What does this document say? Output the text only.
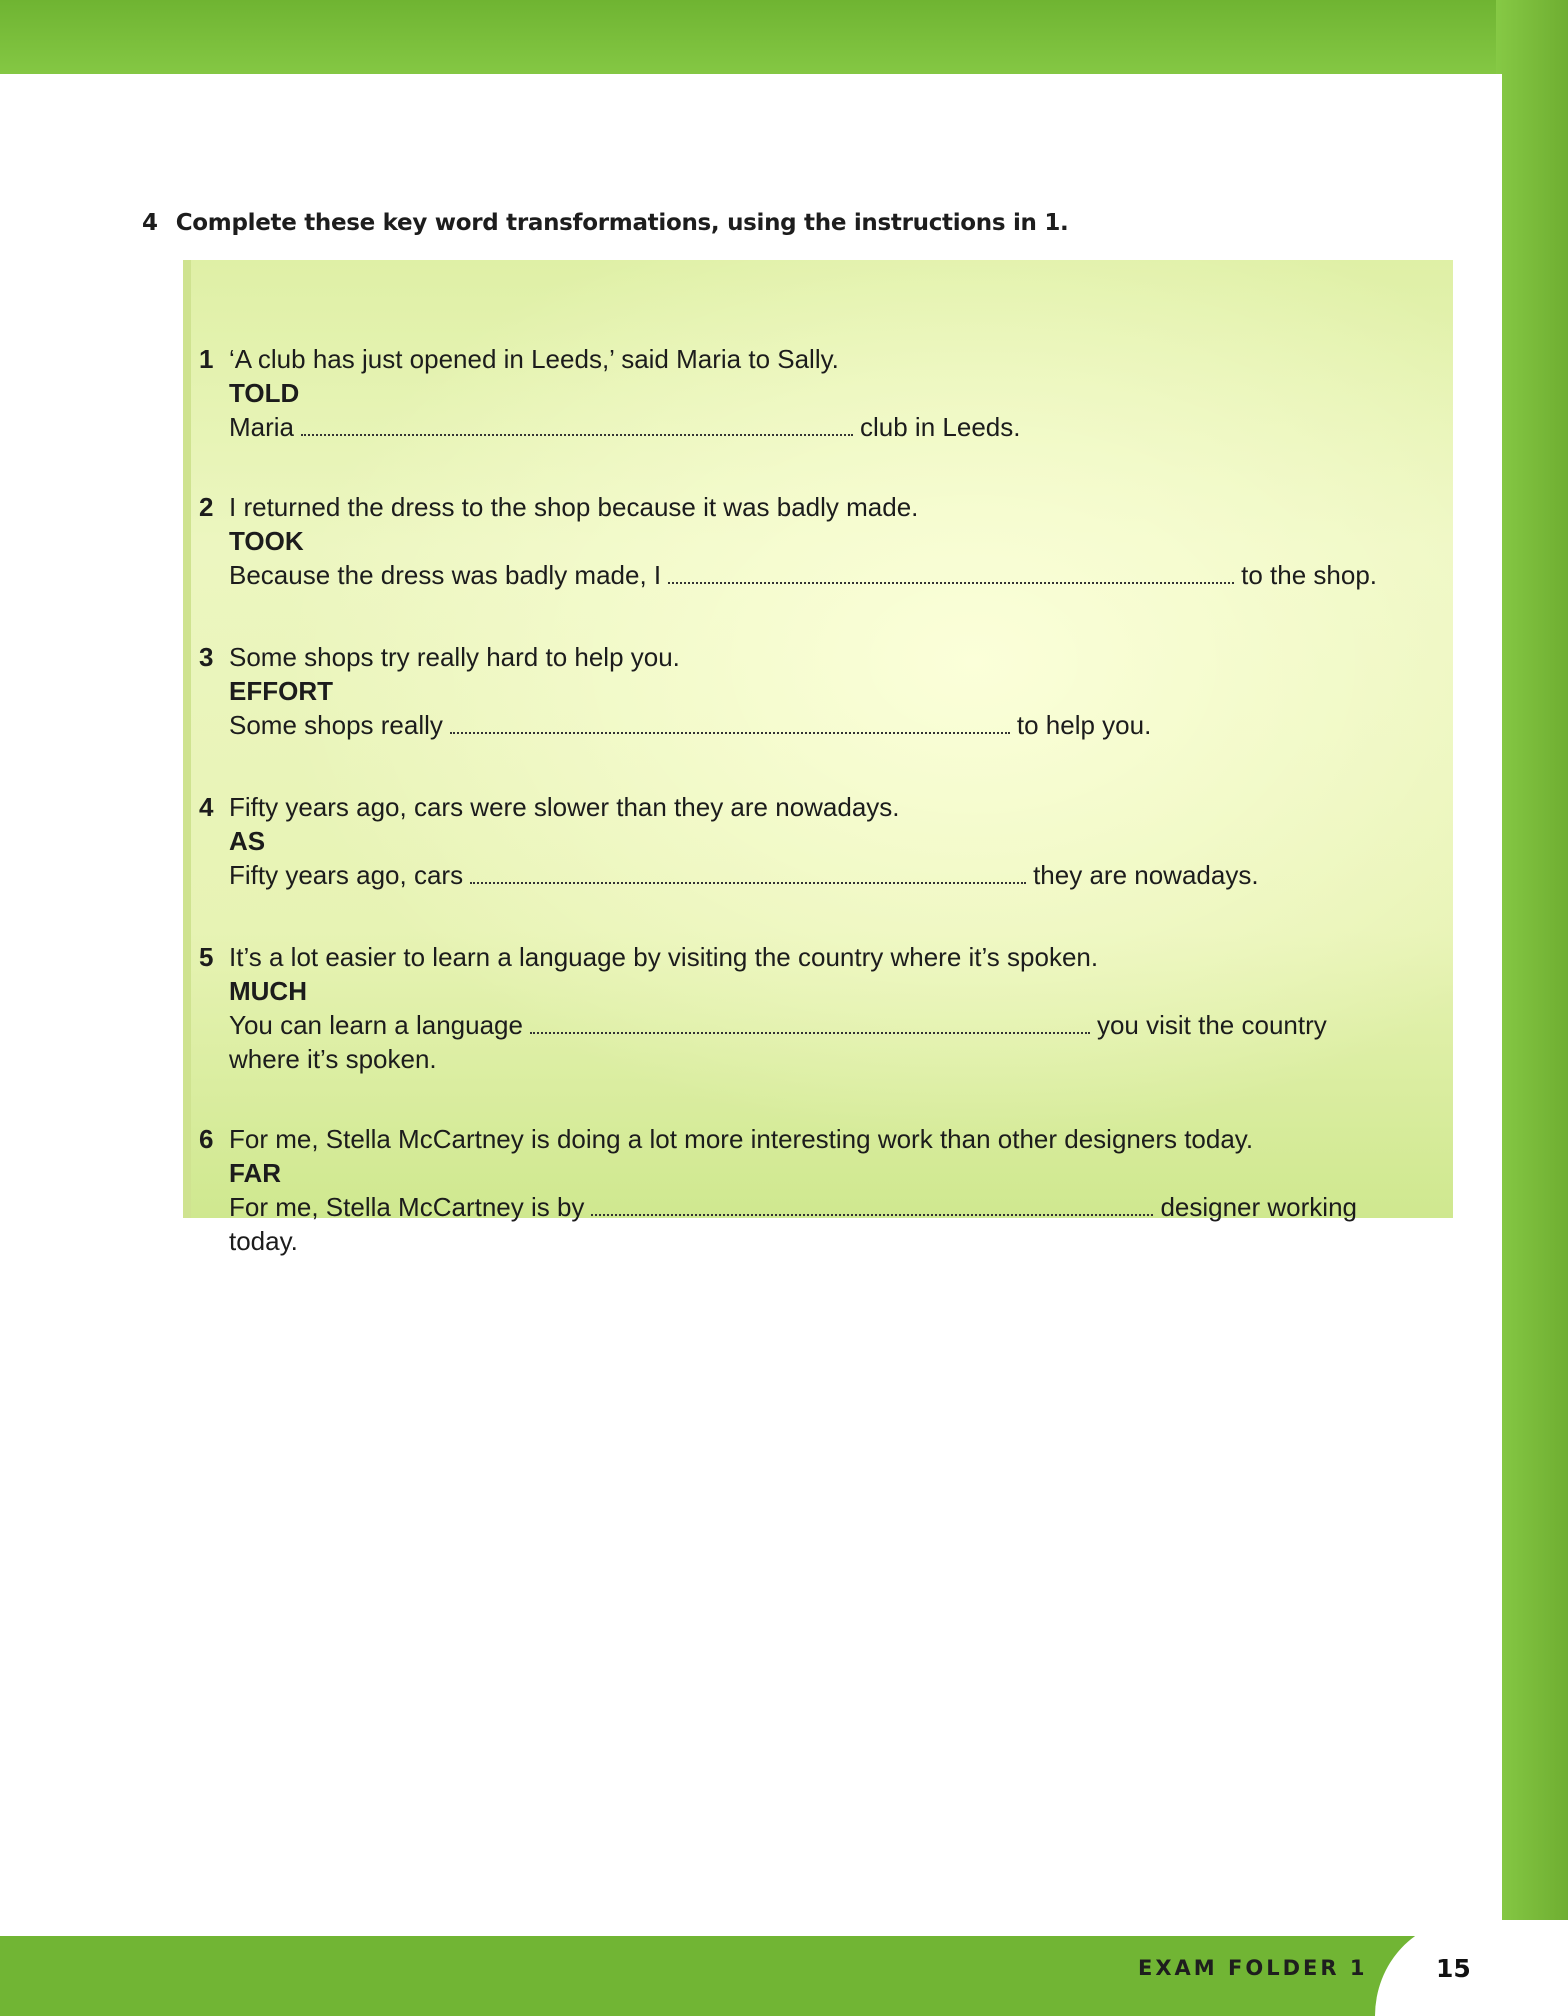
4 Complete these key word transformations, using the instructions in 1.
1 ‘A club has just opened in Leeds,’ said Maria to Sally.
TOLD
Maria	club in Leeds.
2 I returned the dress to the shop because it was badly made.
TOOK
Because the dress was badly made, I	to the shop.
3 Some shops try really hard to help you.
EFFORT
Some shops really	to help you.
4 Fifty years ago, cars were slower than they are nowadays.
AS
Fifty years ago, cars	they are nowadays.
5 It’s a lot easier to learn a language by visiting the country where it’s spoken.
MUCH
You can learn a language	you visit the country
where it’s spoken.
6 For me, Stella McCartney is doing a lot more interesting work than other designers today.
FAR
For me, Stella McCartney is by	designer working
today.
EXAM FOLDER 1	15
